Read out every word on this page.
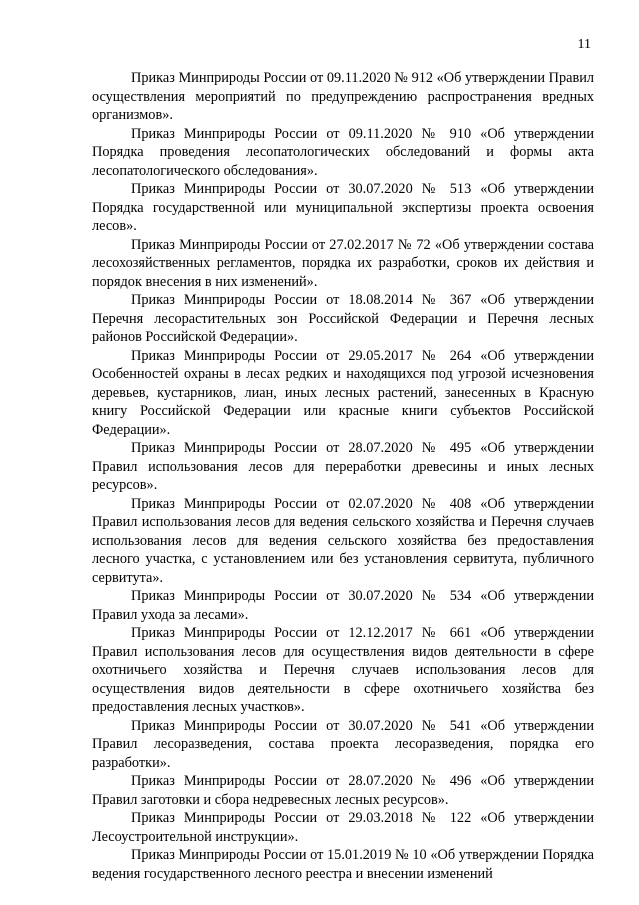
11

Приказ Минприроды России от 09.11.2020 № 912 «Об утверждении Правил осуществления мероприятий по предупреждению распространения вредных организмов».

Приказ Минприроды России от 09.11.2020 № 910 «Об утверждении Порядка проведения лесопатологических обследований и формы акта лесопатологического обследования».

Приказ Минприроды России от 30.07.2020 № 513 «Об утверждении Порядка государственной или муниципальной экспертизы проекта освоения лесов».

Приказ Минприроды России от 27.02.2017 № 72 «Об утверждении состава лесохозяйственных регламентов, порядка их разработки, сроков их действия и порядок внесения в них изменений».

Приказ Минприроды России от 18.08.2014 № 367 «Об утверждении Перечня лесорастительных зон Российской Федерации и Перечня лесных районов Российской Федерации».

Приказ Минприроды России от 29.05.2017 № 264 «Об утверждении Особенностей охраны в лесах редких и находящихся под угрозой исчезновения деревьев, кустарников, лиан, иных лесных растений, занесенных в Красную книгу Российской Федерации или красные книги субъектов Российской Федерации».

Приказ Минприроды России от 28.07.2020 № 495 «Об утверждении Правил использования лесов для переработки древесины и иных лесных ресурсов».

Приказ Минприроды России от 02.07.2020 № 408 «Об утверждении Правил использования лесов для ведения сельского хозяйства и Перечня случаев использования лесов для ведения сельского хозяйства без предоставления лесного участка, с установлением или без установления сервитута, публичного сервитута».

Приказ Минприроды России от 30.07.2020 № 534 «Об утверждении Правил ухода за лесами».

Приказ Минприроды России от 12.12.2017 № 661 «Об утверждении Правил использования лесов для осуществления видов деятельности в сфере охотничьего хозяйства и Перечня случаев использования лесов для осуществления видов деятельности в сфере охотничьего хозяйства без предоставления лесных участков».

Приказ Минприроды России от 30.07.2020 № 541 «Об утверждении Правил лесоразведения, состава проекта лесоразведения, порядка его разработки».

Приказ Минприроды России от 28.07.2020 № 496 «Об утверждении Правил заготовки и сбора недревесных лесных ресурсов».

Приказ Минприроды России от 29.03.2018 № 122 «Об утверждении Лесоустроительной инструкции».

Приказ Минприроды России от 15.01.2019 № 10 «Об утверждении Порядка ведения государственного лесного реестра и внесении изменений
